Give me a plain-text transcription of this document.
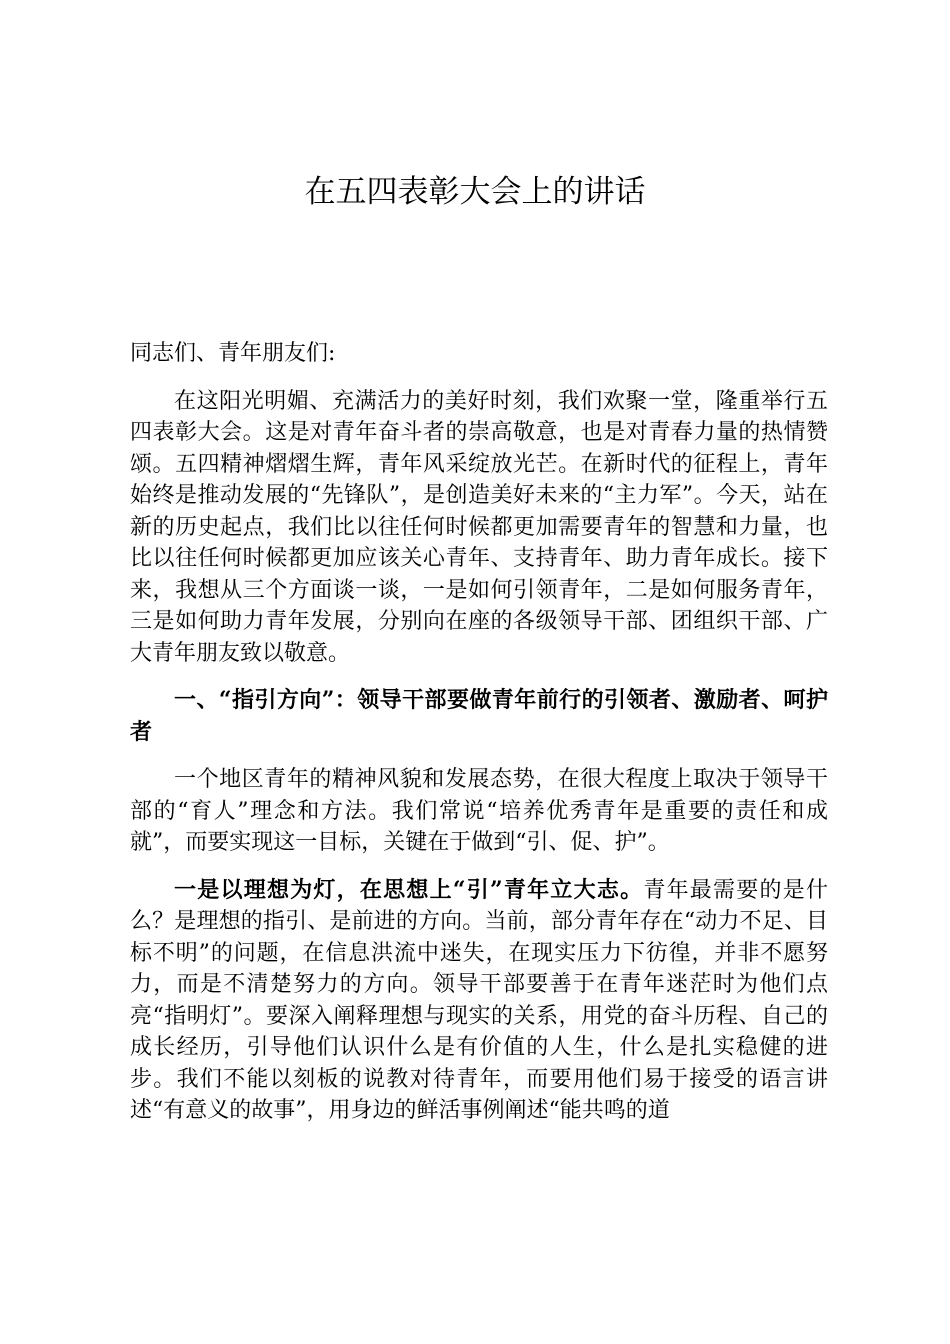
在五四表彰大会上的讲话

同志们、青年朋友们:

在这阳光明媚、充满活力的美好时刻，我们欢聚一堂，隆重举行五四表彰大会。这是对青年奋斗者的崇高敬意，也是对青春力量的热情赞颂。五四精神熠熠生辉，青年风采绽放光芒。在新时代的征程上，青年始终是推动发展的“先锋队”，是创造美好未来的“主力军”。今天，站在新的历史起点，我们比以往任何时候都更加需要青年的智慧和力量，也比以往任何时候都更加应该关心青年、支持青年、助力青年成长。接下来，我想从三个方面谈一谈，一是如何引领青年，二是如何服务青年，三是如何助力青年发展，分别向在座的各级领导干部、团组织干部、广大青年朋友致以敬意。

一、“指引方向”：领导干部要做青年前行的引领者、激励者、呵护者

一个地区青年的精神风貌和发展态势，在很大程度上取决于领导干部的“育人”理念和方法。我们常说“培养优秀青年是重要的责任和成就”，而要实现这一目标，关键在于做到“引、促、护”。

一是以理想为灯，在思想上“引”青年立大志。青年最需要的是什么？是理想的指引、是前进的方向。当前，部分青年存在“动力不足、目标不明”的问题，在信息洪流中迷失，在现实压力下彷徨，并非不愿努力，而是不清楚努力的方向。领导干部要善于在青年迷茫时为他们点亮“指明灯”。要深入阐释理想与现实的关系，用党的奋斗历程、自己的成长经历，引导他们认识什么是有价值的人生，什么是扎实稳健的进步。我们不能以刻板的说教对待青年，而要用他们易于接受的语言讲述“有意义的故事”，用身边的鲜活事例阐述“能共鸣的道
